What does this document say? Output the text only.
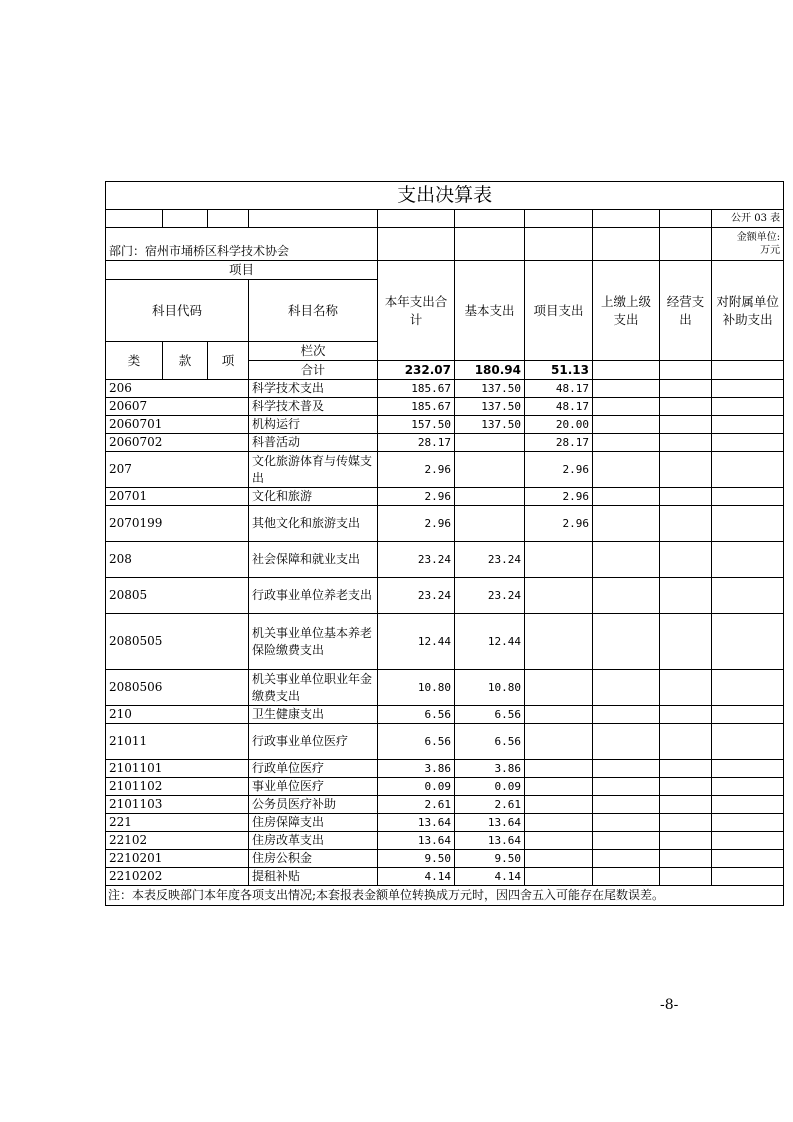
支出决算表										
									公开 03 表	
部门：宿州市埇桥区科学技术协会									金额单位:
万元	

项目				本年支出合计	基本支出	项目支出	上缴上级支出	经营支出	对附属单位补助支出	
科目代码			科目名称							
类	款	项	栏次						
			合计	232.07	180.94	51.13				
206			科学技术支出	185.67	137.50	48.17				
20607			科学技术普及	185.67	137.50	48.17				
2060701			机构运行	157.50	137.50	20.00				
2060702			科普活动	28.17		28.17				
207			文化旅游体育与传媒支出	2.96		2.96				
20701			文化和旅游	2.96		2.96				
2070199			其他文化和旅游支出	2.96		2.96				
208			社会保障和就业支出	23.24	23.24					
20805			行政事业单位养老支出	23.24	23.24					
2080505			机关事业单位基本养老保险缴费支出	12.44	12.44					
2080506			机关事业单位职业年金缴费支出	10.80	10.80					
210			卫生健康支出	6.56	6.56					
21011			行政事业单位医疗	6.56	6.56					
2101101			行政单位医疗	3.86	3.86					
2101102			事业单位医疗	0.09	0.09					
2101103			公务员医疗补助	2.61	2.61					
221			住房保障支出	13.64	13.64					
22102			住房改革支出	13.64	13.64					
2210201			住房公积金	9.50	9.50					
2210202			提租补贴	4.14	4.14					
注：本表反映部门本年度各项支出情况;本套报表金额单位转换成万元时，因四舍五入可能存在尾数误差。										
-8-
